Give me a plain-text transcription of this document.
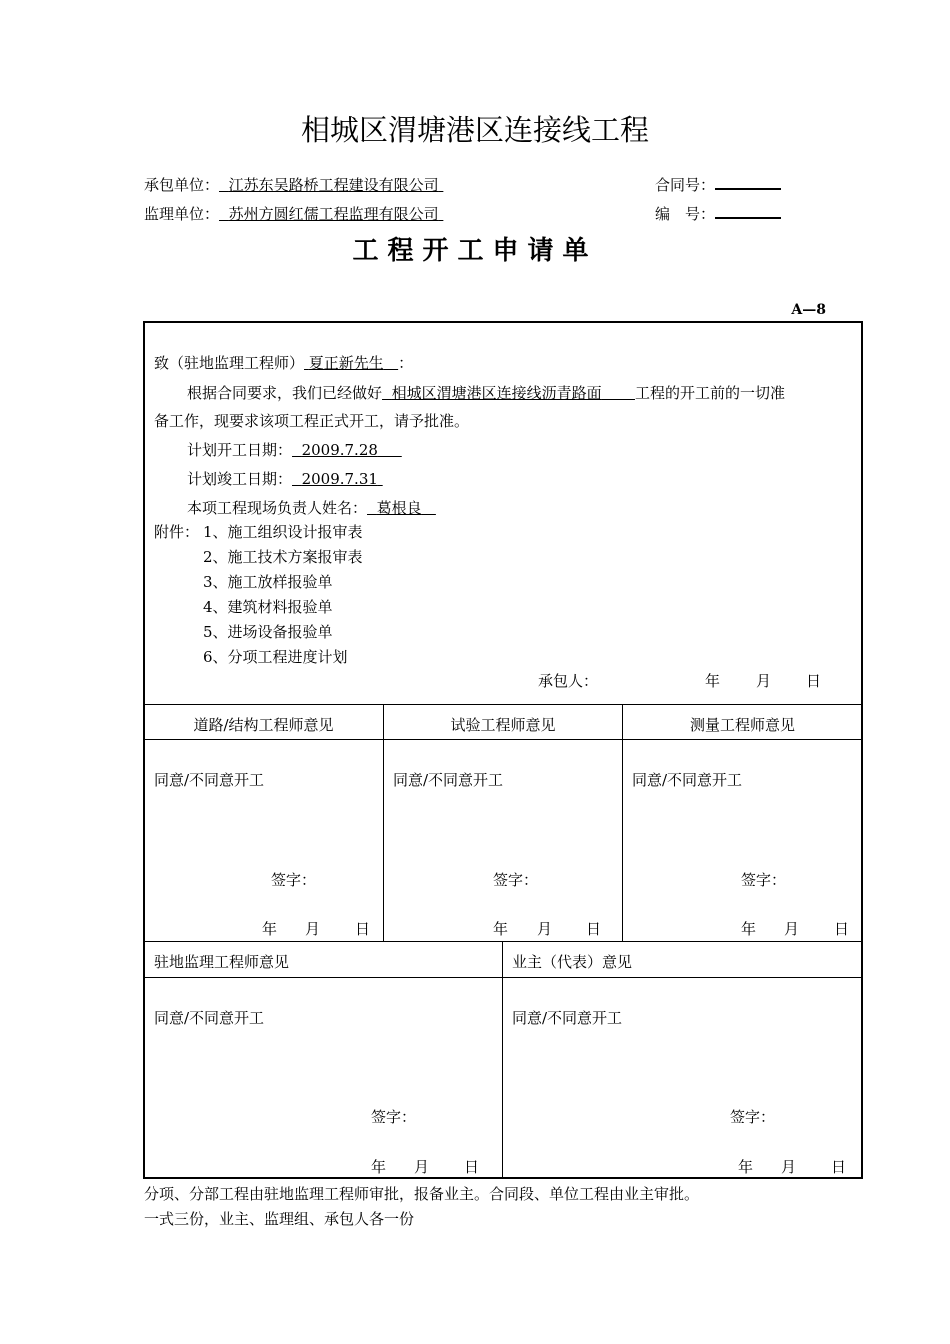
相城区渭塘港区连接线工程
承包单位： 江苏东吴路桥工程建设有限公司	合同号：
监理单位： 苏州方圆红儒工程监理有限公司	编　号：
工程开工申请单
A—8
致（驻地监理工程师） 夏正新先生 ：
根据合同要求，我们已经做好 相城区渭塘港区连接线沥青路面 工程的开工前的一切准
备工作，现要求该项工程正式开工，请予批准。
计划开工日期： 2009.7.28
计划竣工日期： 2009.7.31
本项工程现场负责人姓名： 葛根良
附件： 1、施工组织设计报审表
2、施工技术方案报审表
3、施工放样报验单
4、建筑材料报验单
5、进场设备报验单
6、分项工程进度计划
承包人：	年 月 日
道路/结构工程师意见	试验工程师意见	测量工程师意见
同意/不同意开工	同意/不同意开工	同意/不同意开工
签字：	签字：	签字：
年 月 日	年 月 日	年 月 日
驻地监理工程师意见	业主（代表）意见
同意/不同意开工	同意/不同意开工
签字：	签字：
年 月 日	年 月 日
分项、分部工程由驻地监理工程师审批，报备业主。合同段、单位工程由业主审批。
一式三份，业主、监理组、承包人各一份
